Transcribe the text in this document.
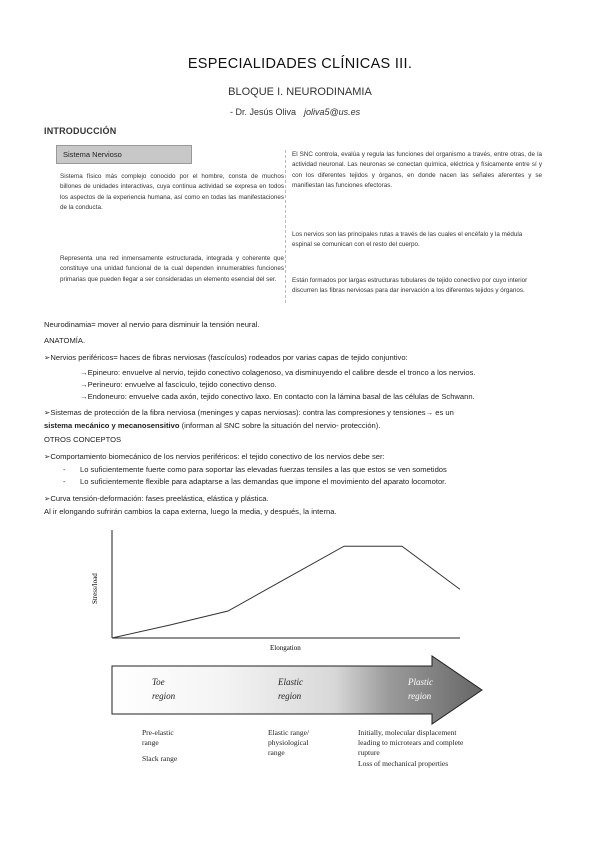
ESPECIALIDADES CLÍNICAS III.
BLOQUE I. NEURODINAMIA
- Dr. Jesús Oliva joliva5@us.es
INTRODUCCIÓN
Sistema Nervioso

Sistema físico más complejo conocido por el hombre, consta de muchos billones de unidades interactivas, cuya continua actividad se expresa en todos los aspectos de la experiencia humana, así como en todas las manifestaciones de la conducta.

Representa una red inmensamente estructurada, integrada y coherente que constituye una unidad funcional de la cual dependen innumerables funciones primarias que pueden llegar a ser consideradas un elemento esencial del ser.

El SNC controla, evalúa y regula las funciones del organismo a través, entre otras, de la actividad neuronal. Las neuronas se conectan química, eléctrica y físicamente entre sí y con los diferentes tejidos y órganos, en donde nacen las señales aferentes y se manifiestan las funciones efectoras.

Los nervios son las principales rutas a través de las cuales el encéfalo y la médula espinal se comunican con el resto del cuerpo.

Están formados por largas estructuras tubulares de tejido conectivo por cuyo interior discurren las fibras nerviosas para dar inervación a los diferentes tejidos y órganos.

Neurodinamia= mover al nervio para disminuir la tensión neural.
ANATOMÍA.
➢Nervios periféricos= haces de fibras nerviosas (fascículos) rodeados por varias capas de tejido conjuntivo:
→Epineuro: envuelve al nervio, tejido conectivo colagenoso, va disminuyendo el calibre desde el tronco a los nervios.
→Perineuro: envuelve al fascículo, tejido conectivo denso.
→Endoneuro: envuelve cada axón, tejido conectivo laxo. En contacto con la lámina basal de las células de Schwann.
➢Sistemas de protección de la fibra nerviosa (meninges y capas nerviosas): contra las compresiones y tensiones→ es un
sistema mecánico y mecanosensitivo (informan al SNC sobre la situación del nervio- protección).
OTROS CONCEPTOS
➢Comportamiento biomecánico de los nervios periféricos: el tejido conectivo de los nervios debe ser:
-	Lo suficientemente fuerte como para soportar las elevadas fuerzas tensiles a las que estos se ven sometidos
-	Lo suficientemente flexible para adaptarse a las demandas que impone el movimiento del aparato locomotor.
➢Curva tensión-deformación: fases preelástica, elástica y plástica.
Al ir elongando sufrirán cambios la capa externa, luego la media, y después, la interna.
Stress/load
Elongation
Toe
region
Elastic
region
Plastic
region
Pre-elastic
range
Slack range
Elastic range/
physiological
range
Initially, molecular displacement
leading to microtears and complete
rupture
Loss of mechanical properties
